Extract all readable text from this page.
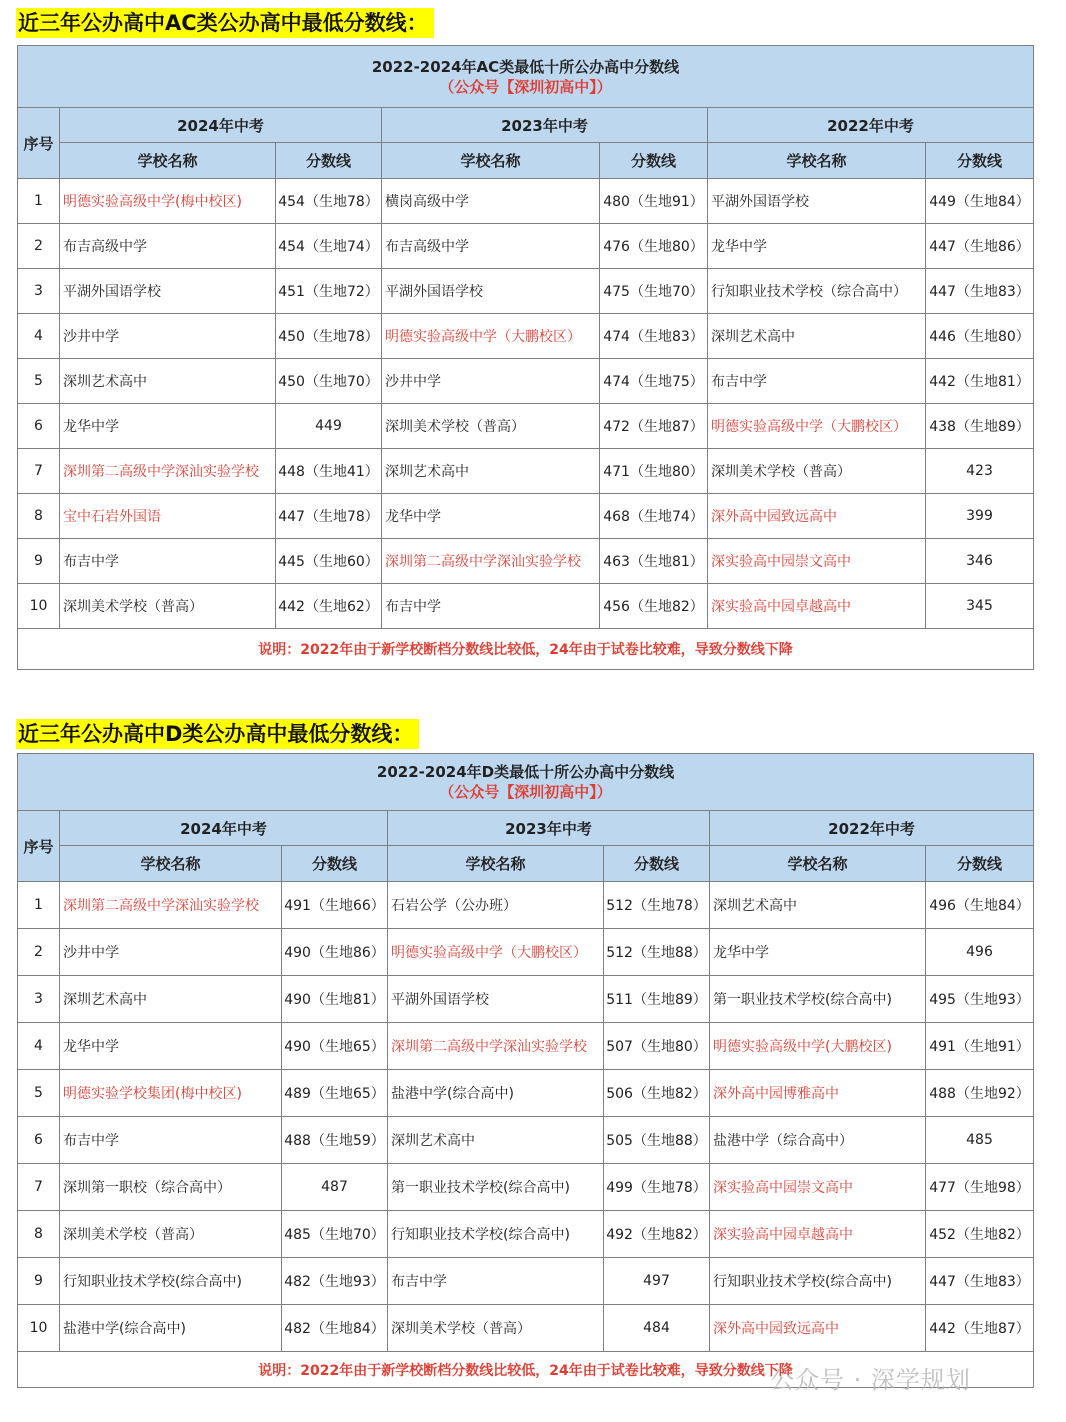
近三年公办高中AC类公办高中最低分数线：
2022-2024年AC类最低十所公办高中分数线
（公众号【深圳初高中】）						

序号	2024年中考		2023年中考		2022年中考	
	学校名称	分数线	学校名称	分数线	学校名称	分数线
1	明德实验高级中学(梅中校区)	454（生地78）	横岗高级中学	480（生地91）	平湖外国语学校	449（生地84）
2	布吉高级中学	454（生地74）	布吉高级中学	476（生地80）	龙华中学	447（生地86）
3	平湖外国语学校	451（生地72）	平湖外国语学校	475（生地70）	行知职业技术学校（综合高中）	447（生地83）
4	沙井中学	450（生地78）	明德实验高级中学（大鹏校区）	474（生地83）	深圳艺术高中	446（生地80）
5	深圳艺术高中	450（生地70）	沙井中学	474（生地75）	布吉中学	442（生地81）
6	龙华中学	449	深圳美术学校（普高）	472（生地87）	明德实验高级中学（大鹏校区）	438（生地89）
7	深圳第二高级中学深汕实验学校	448（生地41）	深圳艺术高中	471（生地80）	深圳美术学校（普高）	423
8	宝中石岩外国语	447（生地78）	龙华中学	468（生地74）	深外高中园致远高中	399
9	布吉中学	445（生地60）	深圳第二高级中学深汕实验学校	463（生地81）	深实验高中园崇文高中	346
10	深圳美术学校（普高）	442（生地62）	布吉中学	456（生地82）	深实验高中园卓越高中	345
说明：2022年由于新学校断档分数线比较低，24年由于试卷比较难，导致分数线下降						
近三年公办高中D类公办高中最低分数线：
2022-2024年D类最低十所公办高中分数线
（公众号【深圳初高中】）						

序号	2024年中考		2023年中考		2022年中考	
	学校名称	分数线	学校名称	分数线	学校名称	分数线
1	深圳第二高级中学深汕实验学校	491（生地66）	石岩公学（公办班）	512（生地78）	深圳艺术高中	496（生地84）
2	沙井中学	490（生地86）	明德实验高级中学（大鹏校区）	512（生地88）	龙华中学	496
3	深圳艺术高中	490（生地81）	平湖外国语学校	511（生地89）	第一职业技术学校(综合高中)	495（生地93）
4	龙华中学	490（生地65）	深圳第二高级中学深汕实验学校	507（生地80）	明德实验高级中学(大鹏校区)	491（生地91）
5	明德实验学校集团(梅中校区)	489（生地65）	盐港中学(综合高中)	506（生地82）	深外高中园博雅高中	488（生地92）
6	布吉中学	488（生地59）	深圳艺术高中	505（生地88）	盐港中学（综合高中）	485
7	深圳第一职校（综合高中）	487	第一职业技术学校(综合高中)	499（生地78）	深实验高中园崇文高中	477（生地98）
8	深圳美术学校（普高）	485（生地70）	行知职业技术学校(综合高中)	492（生地82）	深实验高中园卓越高中	452（生地82）
9	行知职业技术学校(综合高中)	482（生地93）	布吉中学	497	行知职业技术学校(综合高中)	447（生地83）
10	盐港中学(综合高中)	482（生地84）	深圳美术学校（普高）	484	深外高中园致远高中	442（生地87）
说明：2022年由于新学校断档分数线比较低，24年由于试卷比较难，导致分数线下降						
公众号 · 深学规划
